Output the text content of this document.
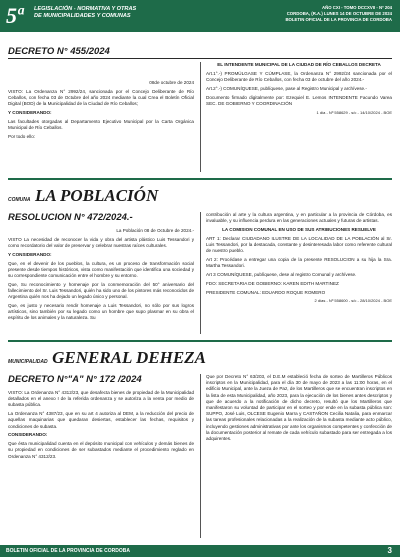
5ª LEGISLACIÓN - NORMATIVA Y OTRAS
DE MUNICIPALIDADES Y COMUNAS
AÑO CXI - TOMO DCCXVII - Nº 204
CORDOBA, (R.A.) LUNES 14 DE OCTUBRE DE 2024
BOLETIN OFICIAL DE LA PROVINCIA DE CORDOBA
DECRETO N° 455/2024

08de octubre de 2024

VISTO: La Ordenanza N° 2992/24, sancionada por el Concejo Deliberante de Río Ceballos, con fecha 03 de Octubre del año 2024 mediante la cual Crea el Boletín Oficial Digital (BOD) de la Municipalidad de la Ciudad de Río Ceballos;

Y CONSIDERANDO:

Las facultades otorgadas al Departamento Ejecutivo Municipal por la Carta Orgánica Municipal de Río Ceballos.

Por todo ello:

EL INTENDENTE MUNICIPAL DE LA CIUDAD DE RÍO CEBALLOS DECRETA

Art.1°.-) PROMÚLGASE Y CÚMPLASE, la Ordenanza N° 2992/24 sancionada por el Concejo Deliberante de Río Ceballos, con fecha 03 de octubre del año 2024.-

Art.2°.-) COMUNÍQUESE, publíquese, pase al Registro Municipal y archívese.-

Documento firmado digitalmente por: Ezequiel E. Lemos INTENDENTE Facundo Varea SEC. DE GOBIERNO Y COORDINACIÓN

1 día - Nº 558629 - s/c - 14/10/2024 - BOE

COMUNA LA POBLACIÓN
RESOLUCION N° 472/2024.-

La Población 08 de Octubre de 2024.-

VISTO La necesidad de reconocer la vida y obra del artista plástico Luis Tessandori y como recordatorio del valor de preservar y celebrar nuestras raíces culturales.

Y CONSIDERANDO:

Que, en el devenir de los pueblos, la cultura, es un proceso de transformación social presente desde tiempos históricos, vista como manifestación que identifica una sociedad y su correspondiente comunicación entre el hombre y su entorno.

Que, Su reconocimiento y homenaje por la conmemoración del 50° aniversario del fallecimiento del Sr. Luis Tessandori, quién ha sido uno de los pintores más reconocidos de Argentina quién nos ha dejado un legado único y personal.

Que, es justo y necesario rendir homenaje a Luis Tessandori, no sólo por sus logros artísticos, sino también por su legado como un hombre que supo plasmar en su obra el espíritu de los animales y la naturaleza. Su

contribución al arte y la cultura argentina, y en particular a la provincia de Córdoba, es invaluable, y su influencia perdura en las generaciones actuales y futuras de artistas.

LA COMISION COMUNAL EN USO DE SUS ATRIBUCIONES RESUELVE

ART 1: Declarar CIUDADANO ILUSTRE DE LA LOCALIDAD DE LA POBLACIÓN al Sr. Luis Tessandori, por la destacada, constante y desinteresada labor como referente cultural de nuestro pueblo.

Art 2: Procédase a entregar una copia de la presente RESOLUCION a su hija la Sra. Martha Tessandori.

Art 3 COMUNÍQUESE, publíquese, dese al registro Comunal y archívese.

FDO: SECRETARIA DE GOBIERNO: KAREN EDITH MARTINEZ

PRESIDENTE COMUNAL: EDUARDO ROQUE ROMERO

2 días - Nº 558600 - s/c - 28/10/2024 - BOE

MUNICIPALIDAD GENERAL DEHEZA
DECRETO N°"A" N° 172 /2024

VISTO: La Ordenanza N° 4312/23, que desafecta bienes de propiedad de la Municipalidad detallados en el anexo I de la referida ordenanza y se autoriza a la venta por medio de subasta pública.

La Ordenanza N° 4387/23, que en su art 4 autoriza al DEM, a la reducción del precio de aquellas maquinarias que quedaran desiertas, establecer las fechas, requisitos y condiciones de subasta.

CONSIDERANDO:

Que ésta municipalidad cuenta en el depósito municipal con vehículos y demás bienes de su propiedad en condiciones de ser subastados mediante el procedimiento reglado en Ordenanza N° 4312/23.

Que por Decreto N° 63/203, el D.E.M estableció fecha de sorteo de Martilleros Públicos inscriptos en la Municipalidad, para el día 30 de mayo de 2023 a las 11:00 horas, en el edificio Municipal, ante la Jueza de Paz, de los Martilleros que se encuentran inscriptos en la lista de esta Municipalidad, año 2023, para la ejecución de los bienes antes descriptos y que de acuerdo a la notificación de dicho decreto, resultó que los Martilleros que manifestaron su voluntad de participar en el sorteo y por ende en la subasta pública son: SUPPO, José Luis, OLCESE Eugenio Marra y CASTAÑON Cecilia Natalia, para enmarcar las tareas profesionales relacionadas a la realización de la subasta mediante acto público, incluyendo gestiones administrativas por ante los organismos competentes y confección de la documentación posterior al remate de cada vehículo subastado para ser entregada a los adquirentes.

BOLETIN OFICIAL DE LA PROVINCIA DE CORDOBA	3
